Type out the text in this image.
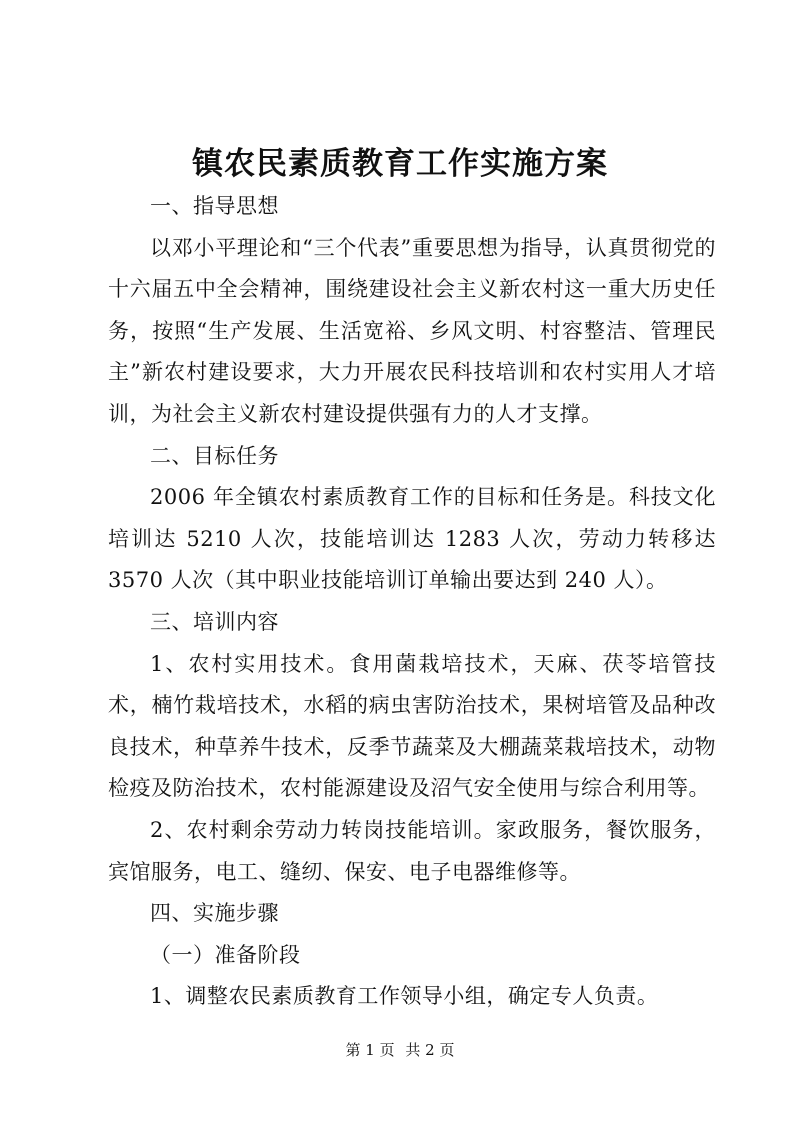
镇农民素质教育工作实施方案

一、指导思想

以邓小平理论和“三个代表”重要思想为指导，认真贯彻党的十六届五中全会精神，围绕建设社会主义新农村这一重大历史任务，按照“生产发展、生活宽裕、乡风文明、村容整洁、管理民主”新农村建设要求，大力开展农民科技培训和农村实用人才培训，为社会主义新农村建设提供强有力的人才支撑。

二、目标任务

2006 年全镇农村素质教育工作的目标和任务是。科技文化培训达 5210 人次，技能培训达 1283 人次，劳动力转移达 3570 人次（其中职业技能培训订单输出要达到 240 人）。

三、培训内容

1、农村实用技术。食用菌栽培技术，天麻、茯苓培管技术，楠竹栽培技术，水稻的病虫害防治技术，果树培管及品种改良技术，种草养牛技术，反季节蔬菜及大棚蔬菜栽培技术，动物检疫及防治技术，农村能源建设及沼气安全使用与综合利用等。

2、农村剩余劳动力转岗技能培训。家政服务，餐饮服务，宾馆服务，电工、缝纫、保安、电子电器维修等。

四、实施步骤

（一）准备阶段

1、调整农民素质教育工作领导小组，确定专人负责。

第 1 页 共 2 页
